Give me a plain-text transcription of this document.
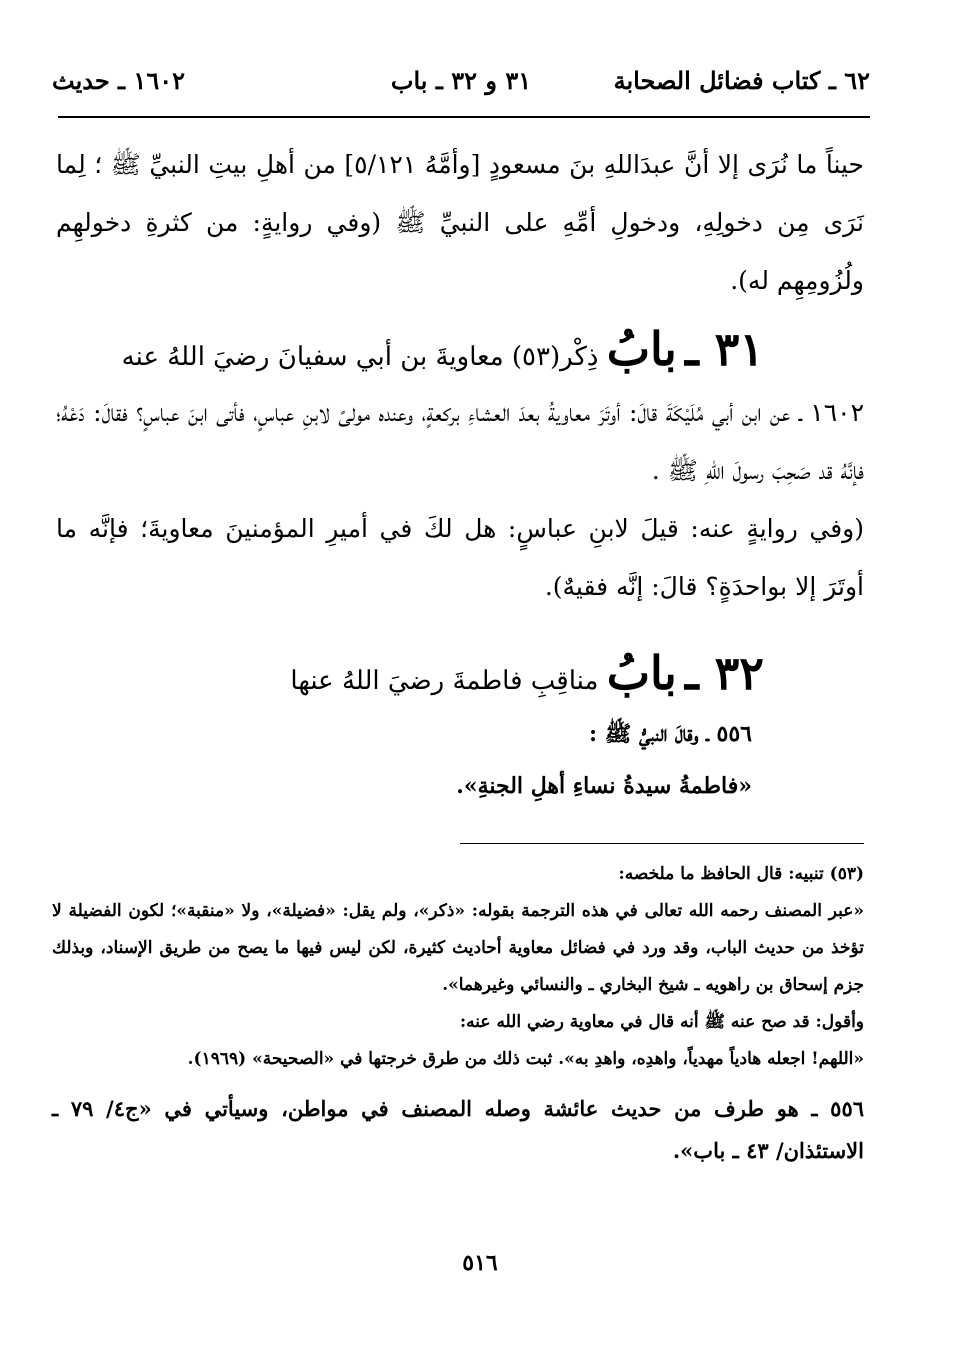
٦٢ ـ كتاب فضائل الصحابة
٣١ و ٣٢ ـ باب
١٦٠٢ ـ حديث

حيناً ما نُرَى إلا أنَّ عبدَاللهِ بنَ مسعودٍ [وأمَّهُ ٥/١٢١] من أهلِ بيتِ النبيِّ ﷺ ؛ لِما نَرَى مِن دخولِهِ، ودخولِ أمِّهِ على النبيِّ ﷺ (وفي روايةٍ: من كثرةِ دخولهِم ولُزُومِهِم له).

٣١ ـ بابُ ذِكْر(٥٣) معاويةَ بن أبي سفيانَ رضيَ اللهُ عنه

١٦٠٢ ـ عن ابن أبي مُلَيْكَةَ قالَ: أوتَرَ معاويةُ بعدَ العشاءِ بركعةٍ، وعنده مولىً لابنِ عباسٍ، فأتى ابنَ عباسٍ؟ فقالَ: دَعْهُ؛ فإنَّهُ قد صَحِبَ رسولَ اللهِ ﷺ .

(وفي روايةٍ عنه: قيلَ لابنِ عباسٍ: هل لكَ في أميرِ المؤمنينَ معاويةَ؛ فإنَّه ما أوتَرَ إلا بواحدَةٍ؟ قالَ: إنَّه فقيهٌ).

٣٢ ـ بابُ مناقِبِ فاطمةَ رضيَ اللهُ عنها

٥٥٦ ـ وقالَ النبيُّ ﷺ :

«فاطمةُ سيدةُ نساءِ أهلِ الجنةِ».

(٥٣) تنبيه: قال الحافظ ما ملخصه:

«عبر المصنف رحمه الله تعالى في هذه الترجمة بقوله: «ذكر»، ولم يقل: «فضيلة»، ولا «منقبة»؛ لكون الفضيلة لا تؤخذ من حديث الباب، وقد ورد في فضائل معاوية أحاديث كثيرة، لكن ليس فيها ما يصح من طريق الإسناد، وبذلك جزم إسحاق بن راهويه ـ شيخ البخاري ـ والنسائي وغيرهما».

وأقول: قد صح عنه ﷺ أنه قال في معاوية رضي الله عنه:

«اللهم! اجعله هادياً مهدياً، واهدِه، واهدِ به». ثبت ذلك من طرق خرجتها في «الصحيحة» (١٩٦٩).

٥٥٦ ـ هو طرف من حديث عائشة وصله المصنف في مواطن، وسيأتي في «ج٤/ ٧٩ ـ الاستئذان/ ٤٣ ـ باب».

٥١٦
